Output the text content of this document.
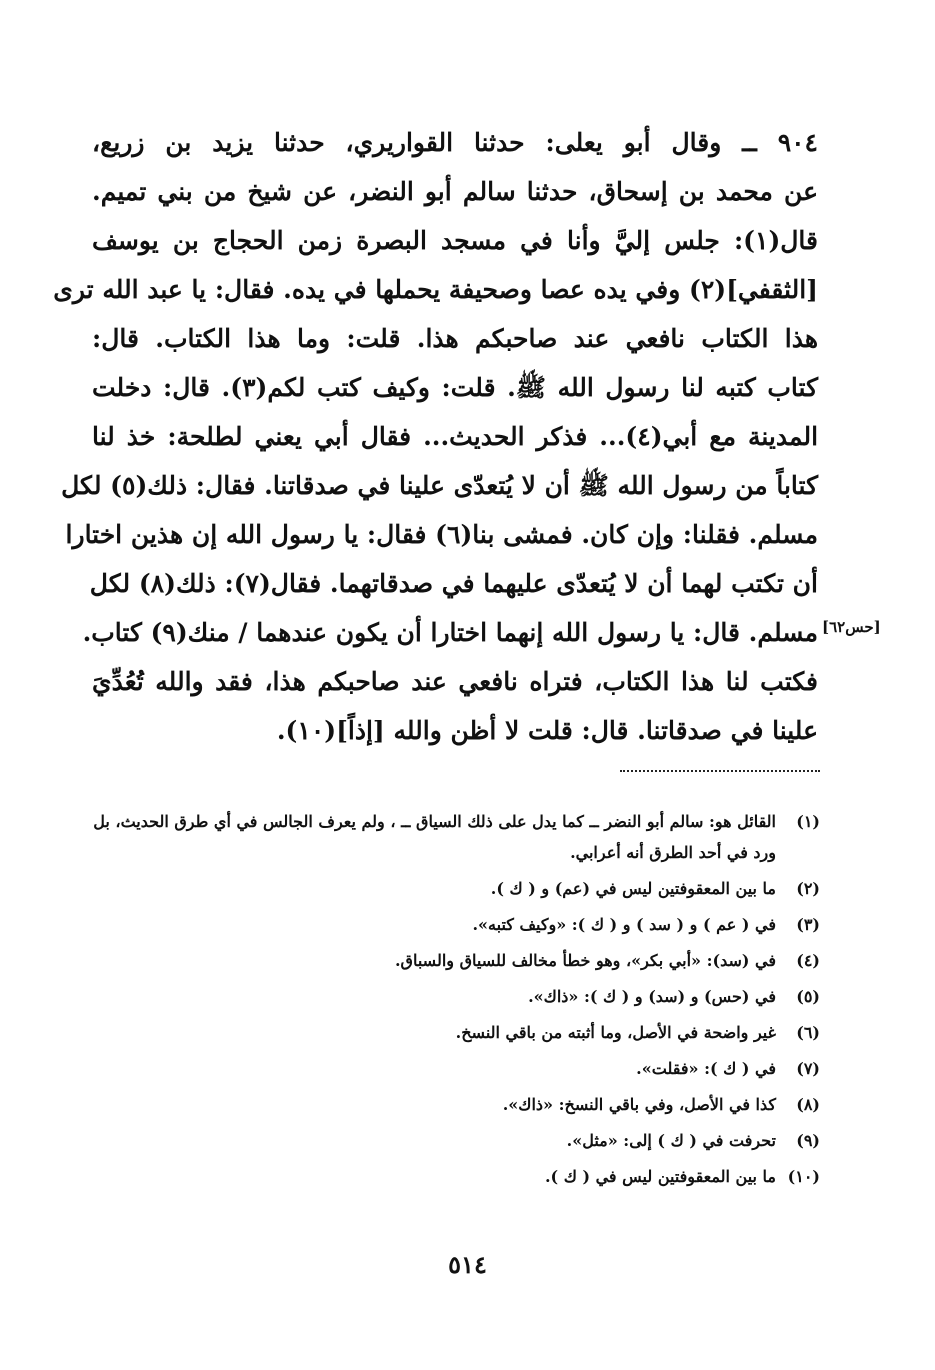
٩٠٤ ــ وقال أبو يعلى: حدثنا القواريري، حدثنا يزيد بن زريع،
عن محمد بن إسحاق، حدثنا سالم أبو النضر، عن شيخ من بني تميم.
قال(١): جلس إليَّ وأنا في مسجد البصرة زمن الحجاج بن يوسف
[الثقفي](٢) وفي يده عصا وصحيفة يحملها في يده. فقال: يا عبد الله ترى
هذا الكتاب نافعي عند صاحبكم هذا. قلت: وما هذا الكتاب. قال:
كتاب كتبه لنا رسول الله ﷺ. قلت: وكيف كتب لكم(٣). قال: دخلت
المدينة مع أبي(٤)... فذكر الحديث... فقال أبي يعني لطلحة: خذ لنا
كتاباً من رسول الله ﷺ أن لا يُتعدّى علينا في صدقاتنا. فقال: ذلك(٥) لكل
مسلم. فقلنا: وإن كان. فمشى بنا(٦) فقال: يا رسول الله إن هذين اختارا
أن تكتب لهما أن لا يُتعدّى عليهما في صدقاتهما. فقال(٧): ذلك(٨) لكل
مسلم. قال: يا رسول الله إنهما اختارا أن يكون عندهما / منك(٩) كتاب.
فكتب لنا هذا الكتاب، فتراه نافعي عند صاحبكم هذا، فقد والله تُعُدِّيَ
علينا في صدقاتنا. قال: قلت لا أظن والله [إذاً](١٠).
[حس٦٢]
(١)
القائل هو: سالم أبو النضر ــ كما يدل على ذلك السياق ــ ، ولم يعرف الجالس في أي طرق الحديث، بل ورد في أحد الطرق أنه أعرابي.
(٢)
ما بين المعقوفتين ليس في (عم) و ( ك ).
(٣)
في ( عم ) و ( سد ) و ( ك ): «وكيف كتبه».
(٤)
في (سد): «أبي بكر»، وهو خطأ مخالف للسياق والسباق.
(٥)
في (حس) و (سد) و ( ك ): «ذاك».
(٦)
غير واضحة في الأصل، وما أثبته من باقي النسخ.
(٧)
في ( ك ): «فقلت».
(٨)
كذا في الأصل، وفي باقي النسخ: «ذاك».
(٩)
تحرفت في ( ك ) إلى: «مثل».
(١٠)
ما بين المعقوفتين ليس في ( ك ).
٥١٤
